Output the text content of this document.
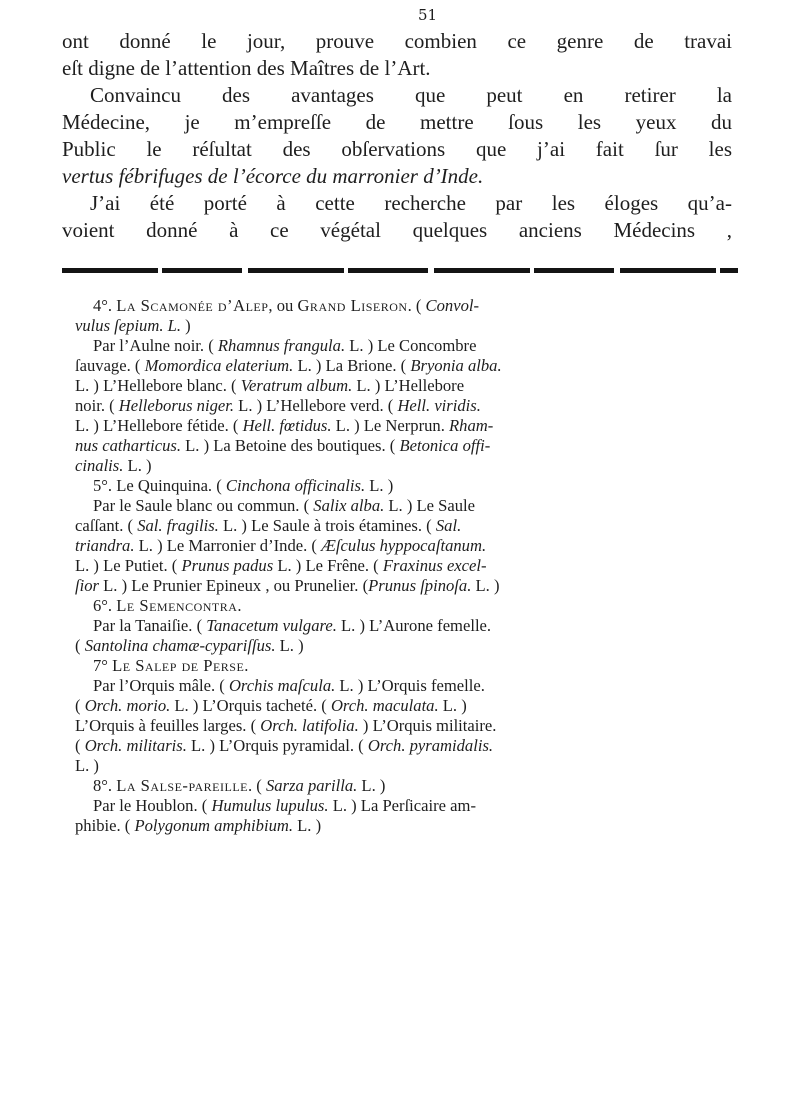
51
ont donné le jour, prouve combien ce genre de travai
eſt digne de l’attention des Maîtres de l’Art.
Convaincu des avantages que peut en retirer la
Médecine, je m’empreſſe de mettre ſous les yeux du
Public le réſultat des obſervations que j’ai fait ſur les
vertus fébrifuges de l’écorce du marronier d’Inde.
J’ai été porté à cette recherche par les éloges qu’a-
voient donné à ce végétal quelques anciens Médecins ,
4°. La Scamonée d’Alep, ou Grand Liseron. ( Convol-
vulus ſepium. L. )
Par l’Aulne noir. ( Rhamnus frangula. L. ) Le Concombre
ſauvage. ( Momordica elaterium. L. ) La Brione. ( Bryonia alba.
L. ) L’Hellebore blanc. ( Veratrum album. L. ) L’Hellebore
noir. ( Helleborus niger. L. ) L’Hellebore verd. ( Hell. viridis.
L. ) L’Hellebore fétide. ( Hell. fœtidus. L. ) Le Nerprun. Rham-
nus catharticus. L. ) La Betoine des boutiques. ( Betonica offi-
cinalis. L. )
5°. Le Quinquina. ( Cinchona officinalis. L. )
Par le Saule blanc ou commun. ( Salix alba. L. ) Le Saule
caſſant. ( Sal. fragilis. L. ) Le Saule à trois étamines. ( Sal.
triandra. L. ) Le Marronier d’Inde. ( Æſculus hyppocaſtanum.
L. ) Le Putiet. ( Prunus padus L. ) Le Frêne. ( Fraxinus excel-
ſior L. ) Le Prunier Epineux , ou Prunelier. (Prunus ſpinoſa. L. )
6°. Le Semencontra.
Par la Tanaiſie. ( Tanacetum vulgare. L. ) L’Aurone femelle.
( Santolina chamæ-cypariſſus. L. )
7° Le Salep de Perse.
Par l’Orquis mâle. ( Orchis maſcula. L. ) L’Orquis femelle.
( Orch. morio. L. ) L’Orquis tacheté. ( Orch. maculata. L. )
L’Orquis à feuilles larges. ( Orch. latifolia. ) L’Orquis militaire.
( Orch. militaris. L. ) L’Orquis pyramidal. ( Orch. pyramidalis.
L. )
8°. La Salse-pareille. ( Sarza parilla. L. )
Par le Houblon. ( Humulus lupulus. L. ) La Perſicaire am-
phibie. ( Polygonum amphibium. L. )
